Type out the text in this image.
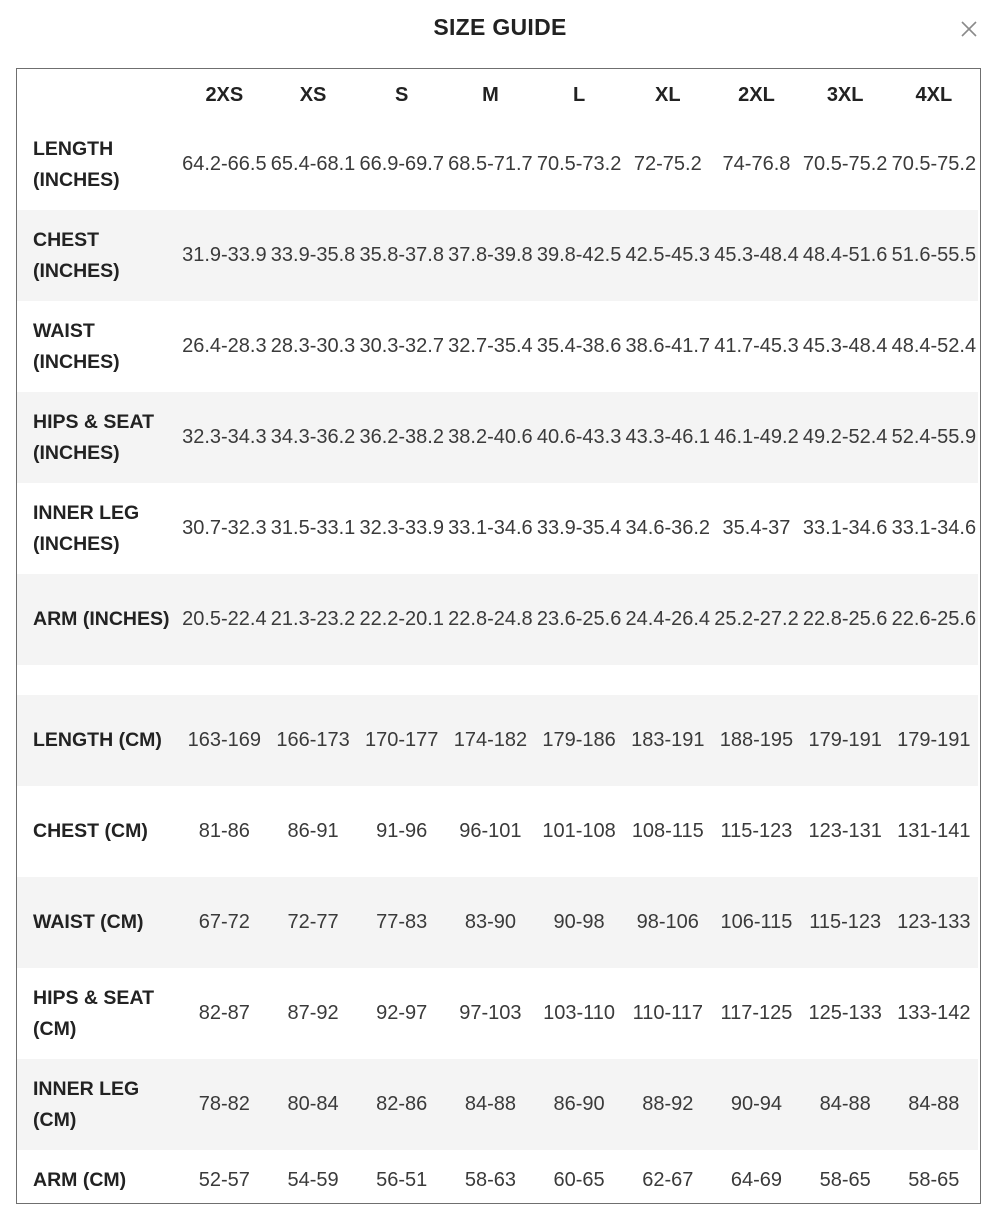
SIZE GUIDE
	2XS	XS	S	M	L	XL	2XL	3XL	4XL
LENGTH (INCHES)	64.2-66.5	65.4-68.1	66.9-69.7	68.5-71.7	70.5-73.2	72-75.2	74-76.8	70.5-75.2	70.5-75.2
CHEST (INCHES)	31.9-33.9	33.9-35.8	35.8-37.8	37.8-39.8	39.8-42.5	42.5-45.3	45.3-48.4	48.4-51.6	51.6-55.5
WAIST (INCHES)	26.4-28.3	28.3-30.3	30.3-32.7	32.7-35.4	35.4-38.6	38.6-41.7	41.7-45.3	45.3-48.4	48.4-52.4
HIPS & SEAT (INCHES)	32.3-34.3	34.3-36.2	36.2-38.2	38.2-40.6	40.6-43.3	43.3-46.1	46.1-49.2	49.2-52.4	52.4-55.9
INNER LEG (INCHES)	30.7-32.3	31.5-33.1	32.3-33.9	33.1-34.6	33.9-35.4	34.6-36.2	35.4-37	33.1-34.6	33.1-34.6
ARM (INCHES)	20.5-22.4	21.3-23.2	22.2-20.1	22.8-24.8	23.6-25.6	24.4-26.4	25.2-27.2	22.8-25.6	22.6-25.6

LENGTH (CM)	163-169	166-173	170-177	174-182	179-186	183-191	188-195	179-191	179-191
CHEST (CM)	81-86	86-91	91-96	96-101	101-108	108-115	115-123	123-131	131-141
WAIST (CM)	67-72	72-77	77-83	83-90	90-98	98-106	106-115	115-123	123-133
HIPS & SEAT (CM)	82-87	87-92	92-97	97-103	103-110	110-117	117-125	125-133	133-142
INNER LEG (CM)	78-82	80-84	82-86	84-88	86-90	88-92	90-94	84-88	84-88
ARM (CM)	52-57	54-59	56-51	58-63	60-65	62-67	64-69	58-65	58-65
